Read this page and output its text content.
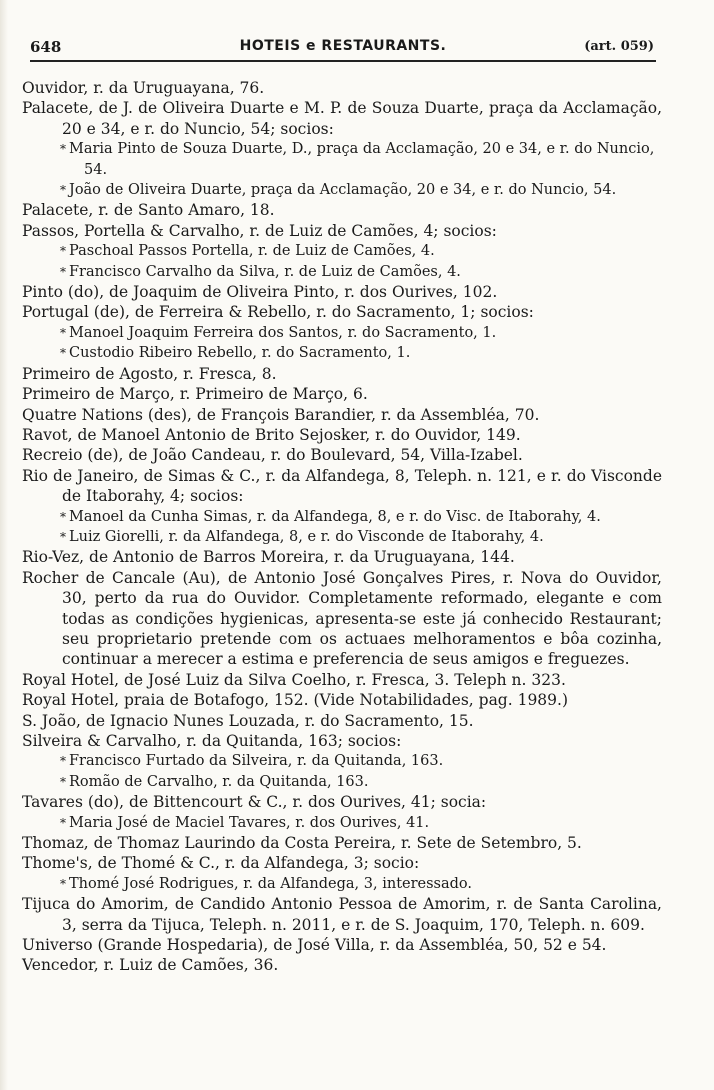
648	HOTEIS e RESTAURANTS.	(art. 059)

Ouvidor, r. da Uruguayana, 76.

Palacete, de J. de Oliveira Duarte e M. P. de Souza Duarte, praça da Acclamação, 20 e 34, e r. do Nuncio, 54; socios:

* Maria Pinto de Souza Duarte, D., praça da Acclamação, 20 e 34, e r. do Nuncio, 54.

* João de Oliveira Duarte, praça da Acclamação, 20 e 34, e r. do Nuncio, 54.

Palacete, r. de Santo Amaro, 18.

Passos, Portella & Carvalho, r. de Luiz de Camões, 4; socios:

* Paschoal Passos Portella, r. de Luiz de Camões, 4.

* Francisco Carvalho da Silva, r. de Luiz de Camões, 4.

Pinto (do), de Joaquim de Oliveira Pinto, r. dos Ourives, 102.

Portugal (de), de Ferreira & Rebello, r. do Sacramento, 1; socios:

* Manoel Joaquim Ferreira dos Santos, r. do Sacramento, 1.

* Custodio Ribeiro Rebello, r. do Sacramento, 1.

Primeiro de Agosto, r. Fresca, 8.

Primeiro de Março, r. Primeiro de Março, 6.

Quatre Nations (des), de François Barandier, r. da Assembléa, 70.

Ravot, de Manoel Antonio de Brito Sejosker, r. do Ouvidor, 149.

Recreio (de), de João Candeau, r. do Boulevard, 54, Villa-Izabel.

Rio de Janeiro, de Simas & C., r. da Alfandega, 8, Teleph. n. 121, e r. do Visconde de Itaborahy, 4; socios:

* Manoel da Cunha Simas, r. da Alfandega, 8, e r. do Visc. de Itaborahy, 4.

* Luiz Giorelli, r. da Alfandega, 8, e r. do Visconde de Itaborahy, 4.

Rio-Vez, de Antonio de Barros Moreira, r. da Uruguayana, 144.

Rocher de Cancale (Au), de Antonio José Gonçalves Pires, r. Nova do Ouvidor, 30, perto da rua do Ouvidor. Completamente reformado, elegante e com todas as condições hygienicas, apresenta-se este já conhecido Restaurant; seu proprietario pretende com os actuaes melhoramentos e bôa cozinha, continuar a merecer a estima e preferencia de seus amigos e freguezes.

Royal Hotel, de José Luiz da Silva Coelho, r. Fresca, 3. Teleph n. 323.

Royal Hotel, praia de Botafogo, 152. (Vide Notabilidades, pag. 1989.)

S. João, de Ignacio Nunes Louzada, r. do Sacramento, 15.

Silveira & Carvalho, r. da Quitanda, 163; socios:

* Francisco Furtado da Silveira, r. da Quitanda, 163.

* Romão de Carvalho, r. da Quitanda, 163.

Tavares (do), de Bittencourt & C., r. dos Ourives, 41; socia:

* Maria José de Maciel Tavares, r. dos Ourives, 41.

Thomaz, de Thomaz Laurindo da Costa Pereira, r. Sete de Setembro, 5.

Thome's, de Thomé & C., r. da Alfandega, 3; socio:

* Thomé José Rodrigues, r. da Alfandega, 3, interessado.

Tijuca do Amorim, de Candido Antonio Pessoa de Amorim, r. de Santa Carolina, 3, serra da Tijuca, Teleph. n. 2011, e r. de S. Joaquim, 170, Teleph. n. 609.

Universo (Grande Hospedaria), de José Villa, r. da Assembléa, 50, 52 e 54.

Vencedor, r. Luiz de Camões, 36.
